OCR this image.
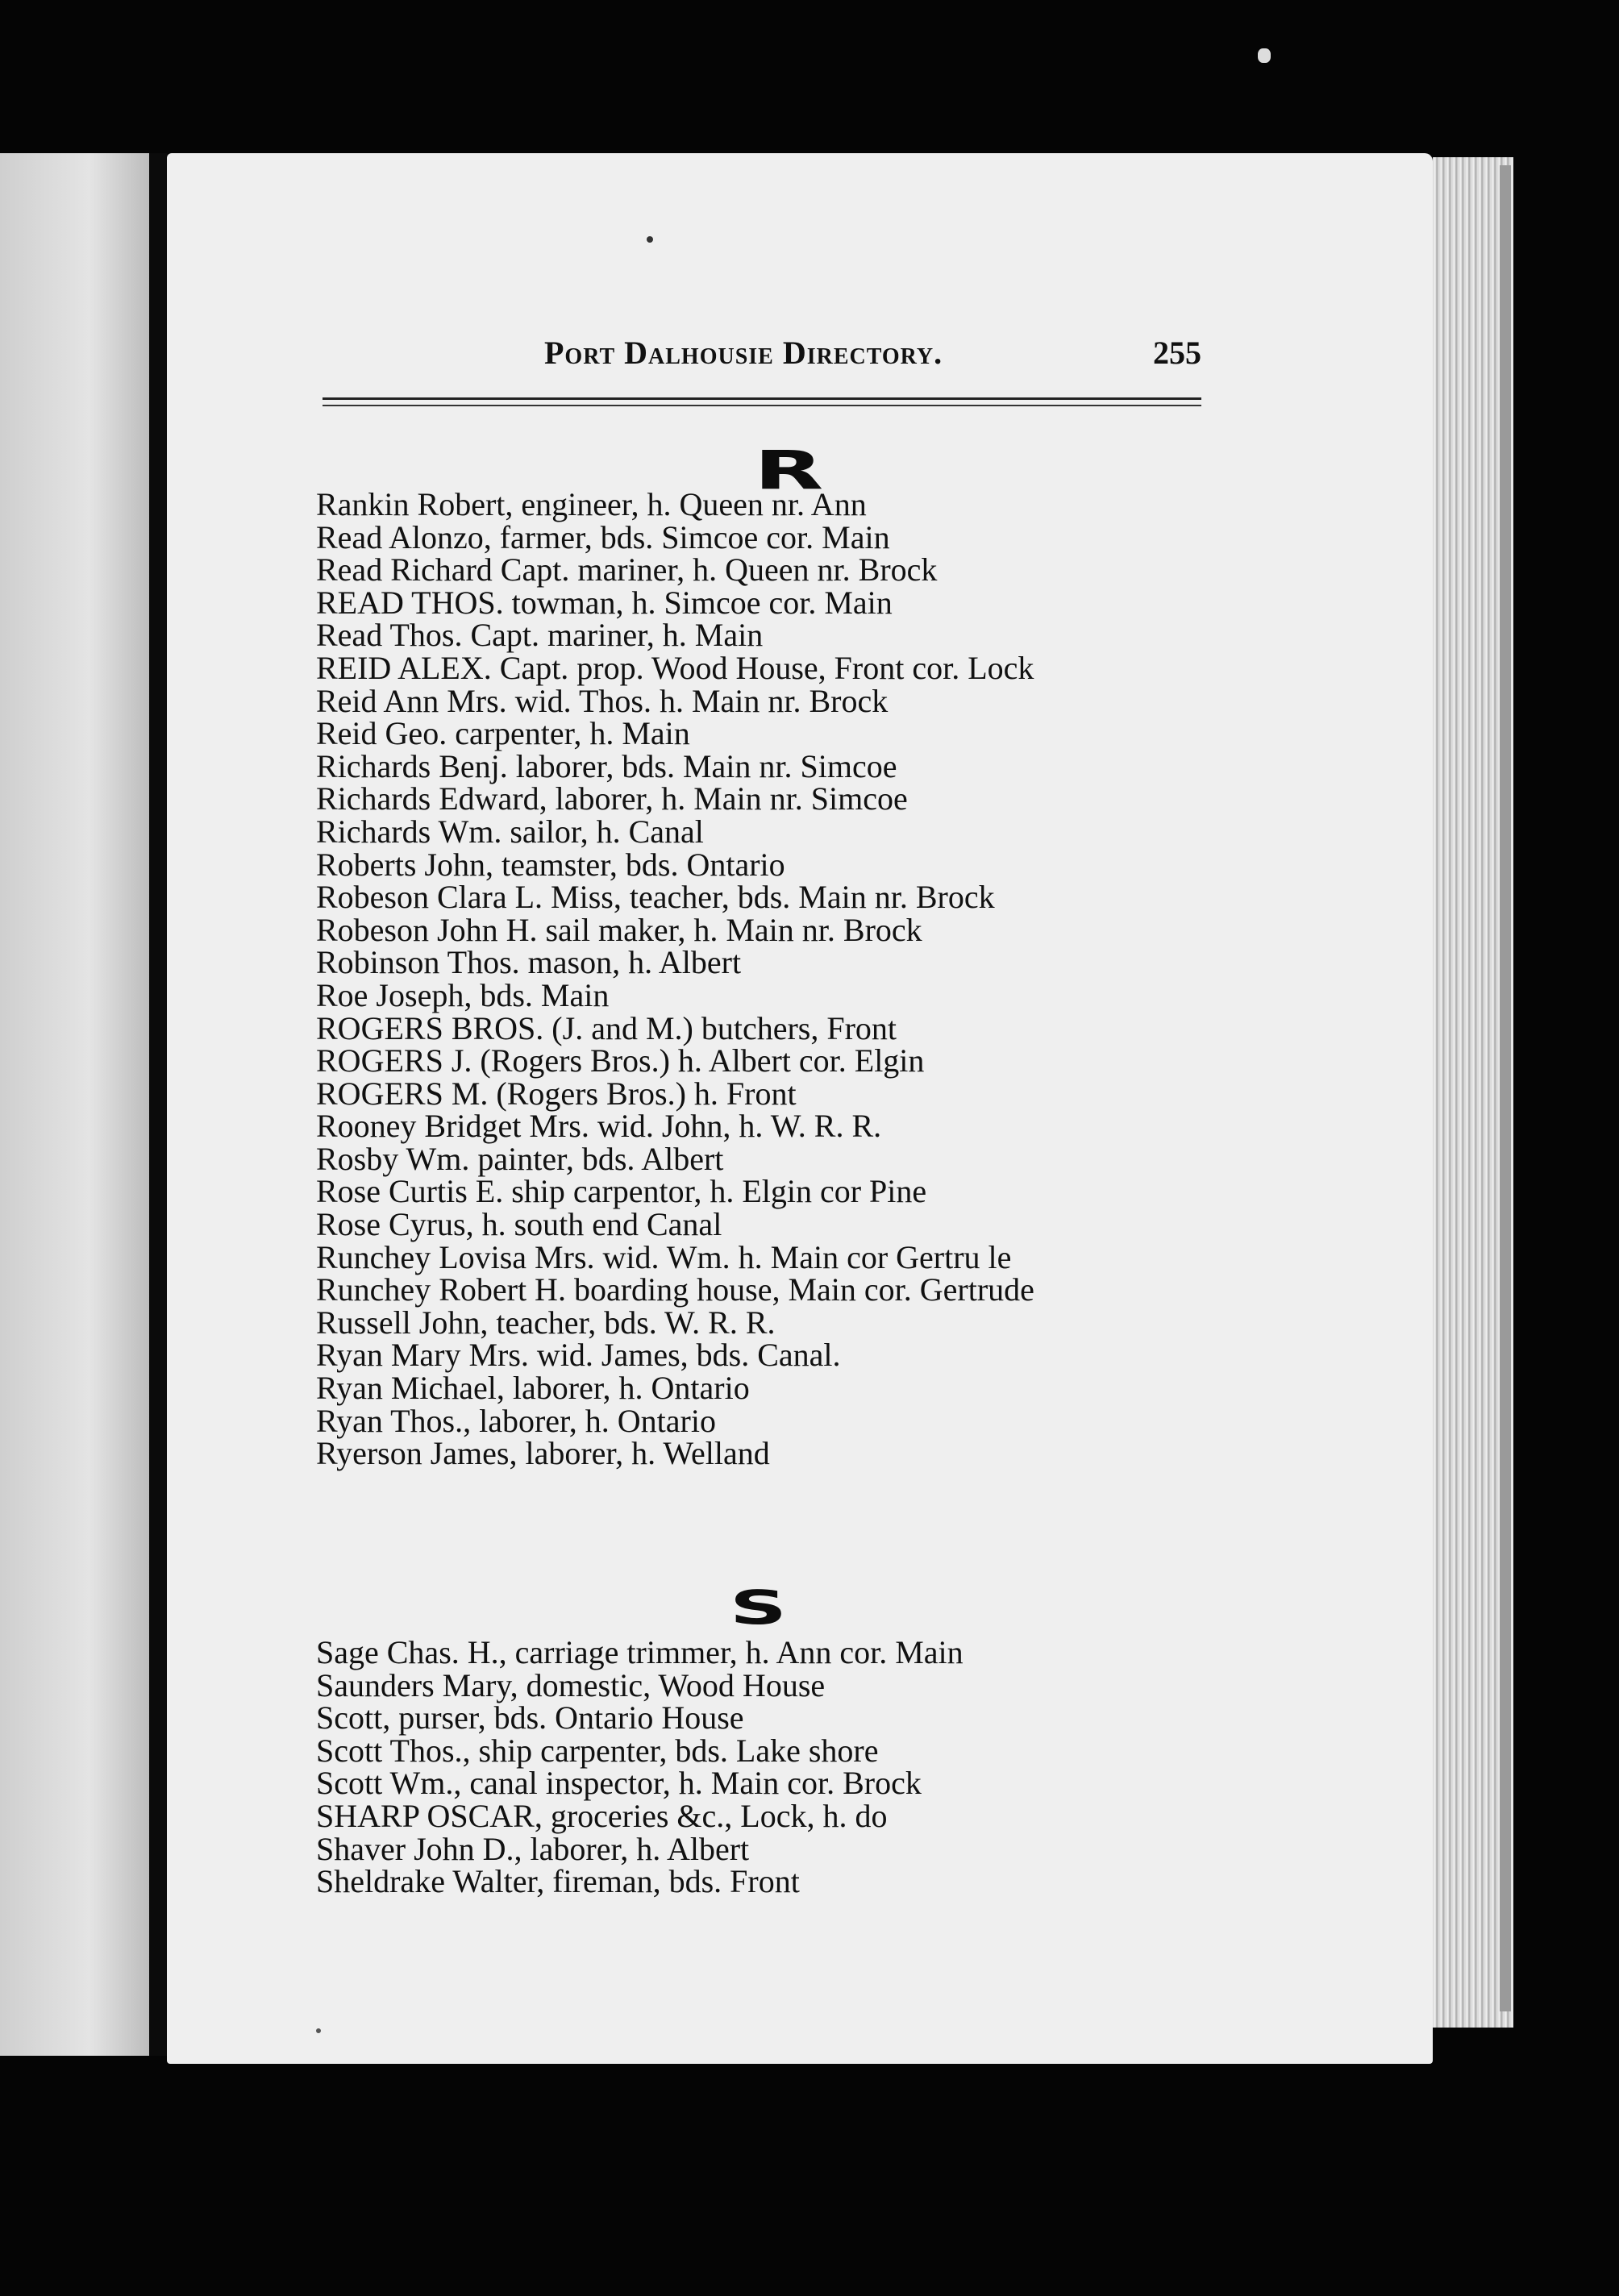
Port Dalhousie Directory.	255
R
Rankin Robert, engineer, h. Queen nr. Ann
Read Alonzo, farmer, bds. Simcoe cor. Main
Read Richard Capt. mariner, h. Queen nr. Brock
READ THOS. towman, h. Simcoe cor. Main
Read Thos. Capt. mariner, h. Main
REID ALEX. Capt. prop. Wood House, Front cor. Lock
Reid Ann Mrs. wid. Thos. h. Main nr. Brock
Reid Geo. carpenter, h. Main
Richards Benj. laborer, bds. Main nr. Simcoe
Richards Edward, laborer, h. Main nr. Simcoe
Richards Wm. sailor, h. Canal
Roberts John, teamster, bds. Ontario
Robeson Clara L. Miss, teacher, bds. Main nr. Brock
Robeson John H. sail maker, h. Main nr. Brock
Robinson Thos. mason, h. Albert
Roe Joseph, bds. Main
ROGERS BROS. (J. and M.) butchers, Front
ROGERS J. (Rogers Bros.) h. Albert cor. Elgin
ROGERS M. (Rogers Bros.) h. Front
Rooney Bridget Mrs. wid. John, h. W. R. R.
Rosby Wm. painter, bds. Albert
Rose Curtis E. ship carpentor, h. Elgin cor Pine
Rose Cyrus, h. south end Canal
Runchey Lovisa Mrs. wid. Wm. h. Main cor Gertru le
Runchey Robert H. boarding house, Main cor. Gertrude
Russell John, teacher, bds. W. R. R.
Ryan Mary Mrs. wid. James, bds. Canal.
Ryan Michael, laborer, h. Ontario
Ryan Thos., laborer, h. Ontario
Ryerson James, laborer, h. Welland
S
Sage Chas. H., carriage trimmer, h. Ann cor. Main
Saunders Mary, domestic, Wood House
Scott, purser, bds. Ontario House
Scott Thos., ship carpenter, bds. Lake shore
Scott Wm., canal inspector, h. Main cor. Brock
SHARP OSCAR, groceries &c., Lock, h. do
Shaver John D., laborer, h. Albert
Sheldrake Walter, fireman, bds. Front
